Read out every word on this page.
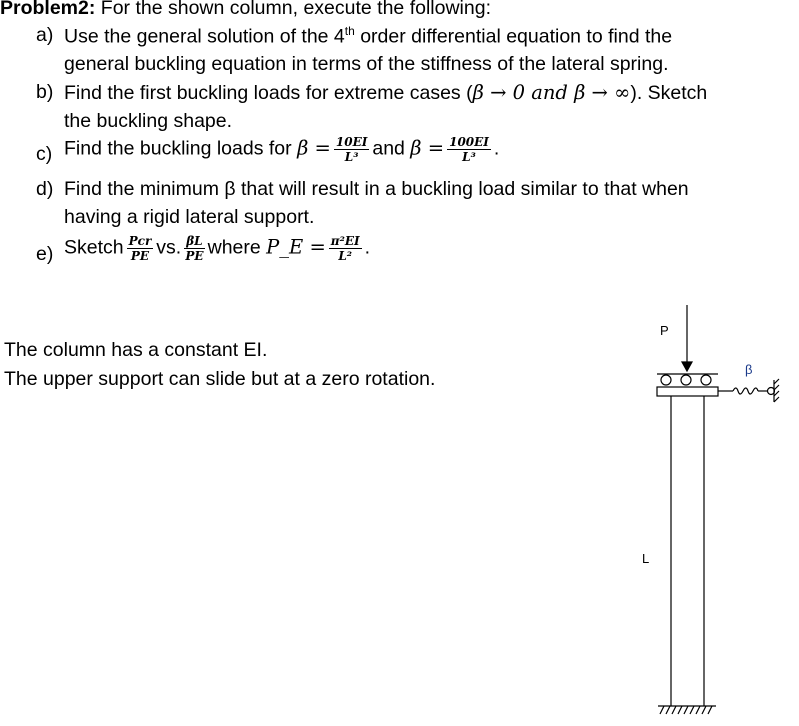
Problem2: For the shown column, execute the following:
a) Use the general solution of the 4th order differential equation to find the
general buckling equation in terms of the stiffness of the lateral spring.
b) Find the first buckling loads for extreme cases (β → 0 and β → ∞). Sketch
the buckling shape.
c) Find the buckling loads for $\beta = \frac{10EI}{\text{L³}}$ and $\beta = \frac{100EI}{\text{L³}}$ .
d) Find the minimum β that will result in a buckling load similar to that when
having a rigid lateral support.
e) Sketch $\frac{\text{Pcr}}{PE}$ vs. $\frac{\beta L}{PE}$ where P_E = $\frac{\text{π²EI}}{\text{L²}}$ .
The column has a constant EI.
The upper support can slide but at a zero rotation.
P
β
L
